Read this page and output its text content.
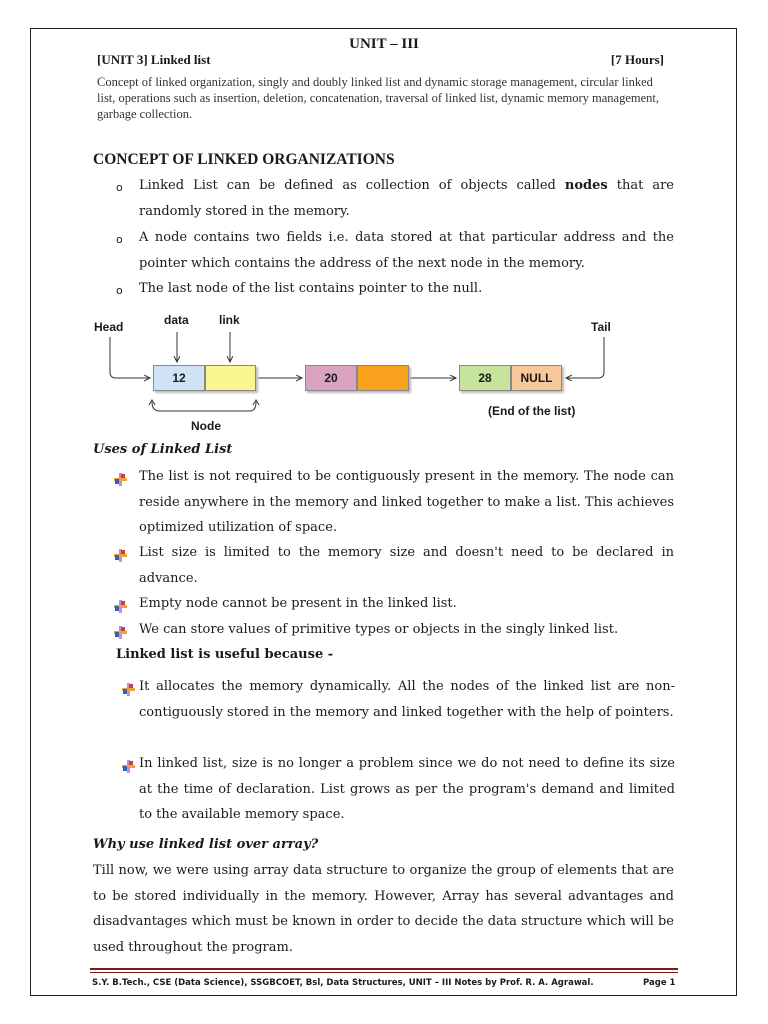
UNIT – III
[UNIT 3] Linked list	[7 Hours]
Concept of linked organization, singly and doubly linked list and dynamic storage management, circular linked list, operations such as insertion, deletion, concatenation, traversal of linked list, dynamic memory management, garbage collection.
CONCEPT OF LINKED ORGANIZATIONS
o Linked List can be defined as collection of objects called nodes that are randomly stored in the memory.
o A node contains two fields i.e. data stored at that particular address and the pointer which contains the address of the next node in the memory.
o The last node of the list contains pointer to the null.
Head	data	link	Tail
Node
(End of the list)
12	20	28	NULL
Uses of Linked List
The list is not required to be contiguously present in the memory. The node can reside anywhere in the memory and linked together to make a list. This achieves optimized utilization of space.
List size is limited to the memory size and doesn't need to be declared in advance.
Empty node cannot be present in the linked list.
We can store values of primitive types or objects in the singly linked list.
Linked list is useful because -
It allocates the memory dynamically. All the nodes of the linked list are non-contiguously stored in the memory and linked together with the help of pointers.
In linked list, size is no longer a problem since we do not need to define its size at the time of declaration. List grows as per the program's demand and limited to the available memory space.
Why use linked list over array?
Till now, we were using array data structure to organize the group of elements that are to be stored individually in the memory. However, Array has several advantages and disadvantages which must be known in order to decide the data structure which will be used throughout the program.
S.Y. B.Tech., CSE (Data Science), SSGBCOET, Bsl, Data Structures, UNIT – III Notes by Prof. R. A. Agrawal.	Page 1
